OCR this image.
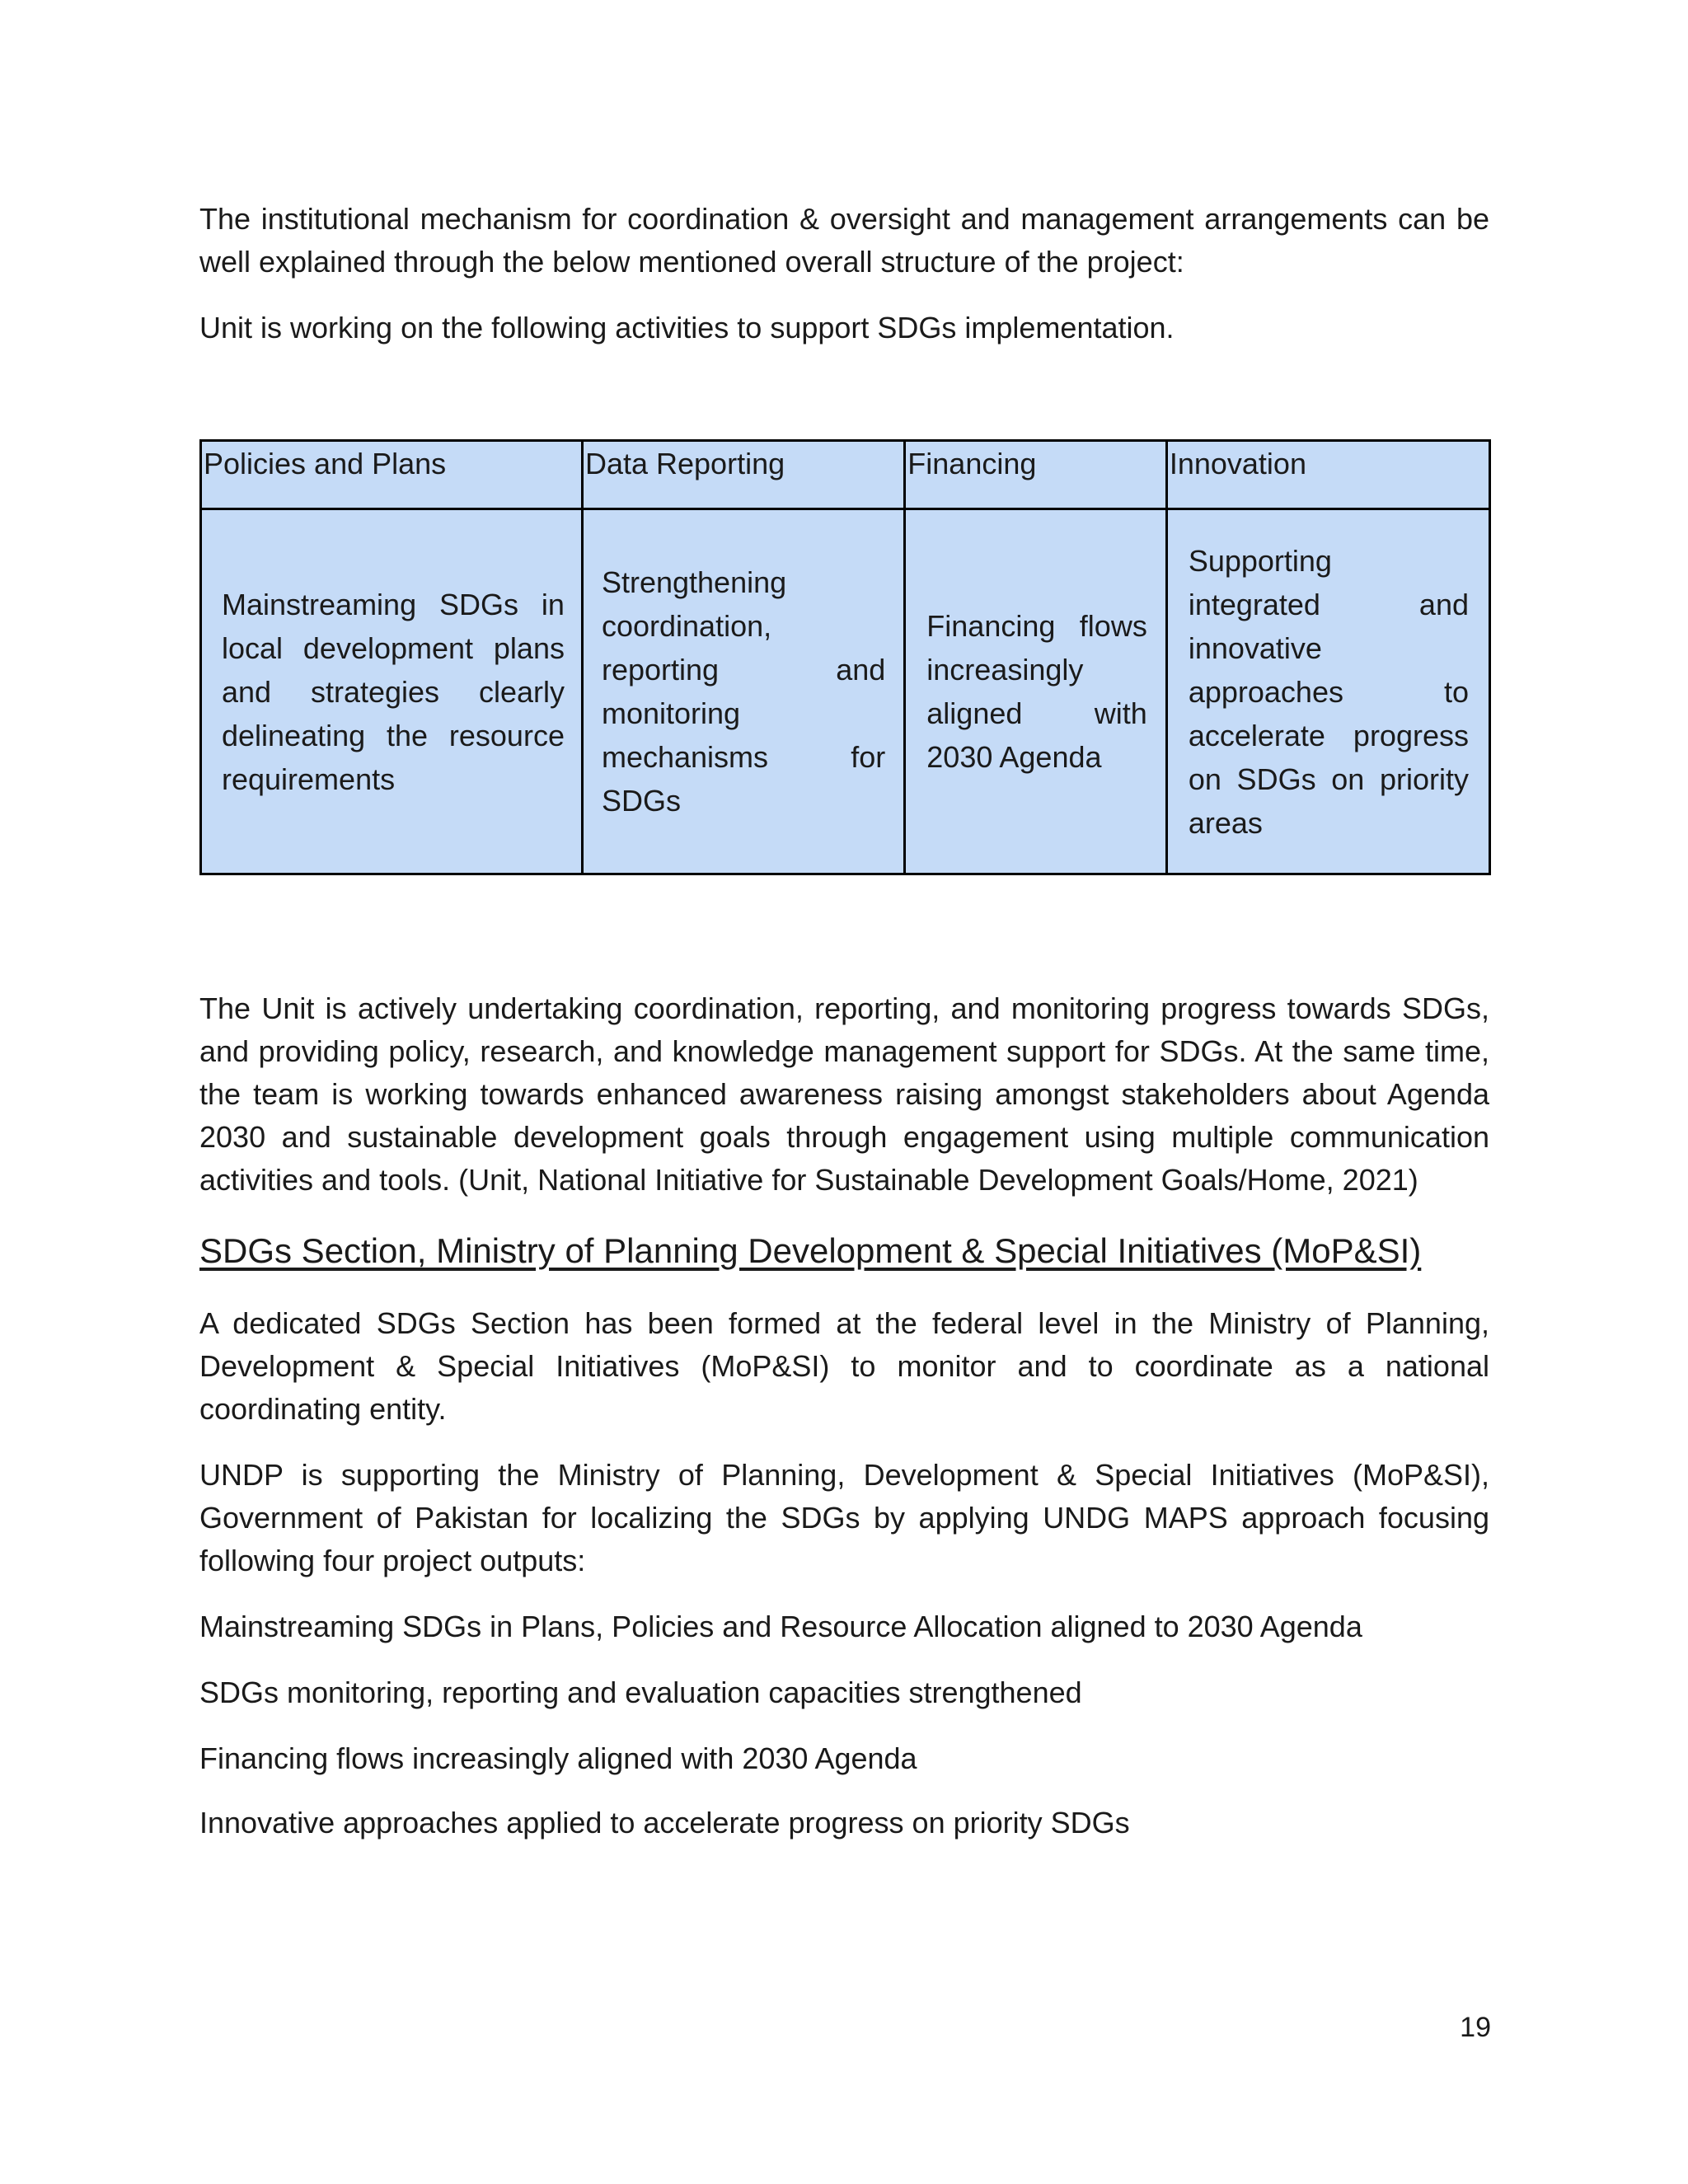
The institutional mechanism for coordination & oversight and management arrangements can be well explained through the below mentioned overall structure of the project:

Unit is working on the following activities to support SDGs implementation.

Policies and Plans	Data Reporting	Financing	Innovation

Mainstreaming SDGs in local development plans and strategies clearly delineating the resource requirements	Strengthening coordination, reporting and monitoring mechanisms for SDGs	Financing flows increasingly aligned with 2030 Agenda	Supporting integrated and innovative approaches to accelerate progress on SDGs on priority areas

The Unit is actively undertaking coordination, reporting, and monitoring progress towards SDGs, and providing policy, research, and knowledge management support for SDGs. At the same time, the team is working towards enhanced awareness raising amongst stakeholders about Agenda 2030 and sustainable development goals through engagement using multiple communication activities and tools. (Unit, National Initiative for Sustainable Development Goals/Home, 2021)

SDGs Section, Ministry of Planning Development & Special Initiatives (MoP&SI)

A dedicated SDGs Section has been formed at the federal level in the Ministry of Planning, Development & Special Initiatives (MoP&SI) to monitor and to coordinate as a national coordinating entity.

UNDP is supporting the Ministry of Planning, Development & Special Initiatives (MoP&SI), Government of Pakistan for localizing the SDGs by applying UNDG MAPS approach focusing following four project outputs:

Mainstreaming SDGs in Plans, Policies and Resource Allocation aligned to 2030 Agenda

SDGs monitoring, reporting and evaluation capacities strengthened

Financing flows increasingly aligned with 2030 Agenda

Innovative approaches applied to accelerate progress on priority SDGs

19
